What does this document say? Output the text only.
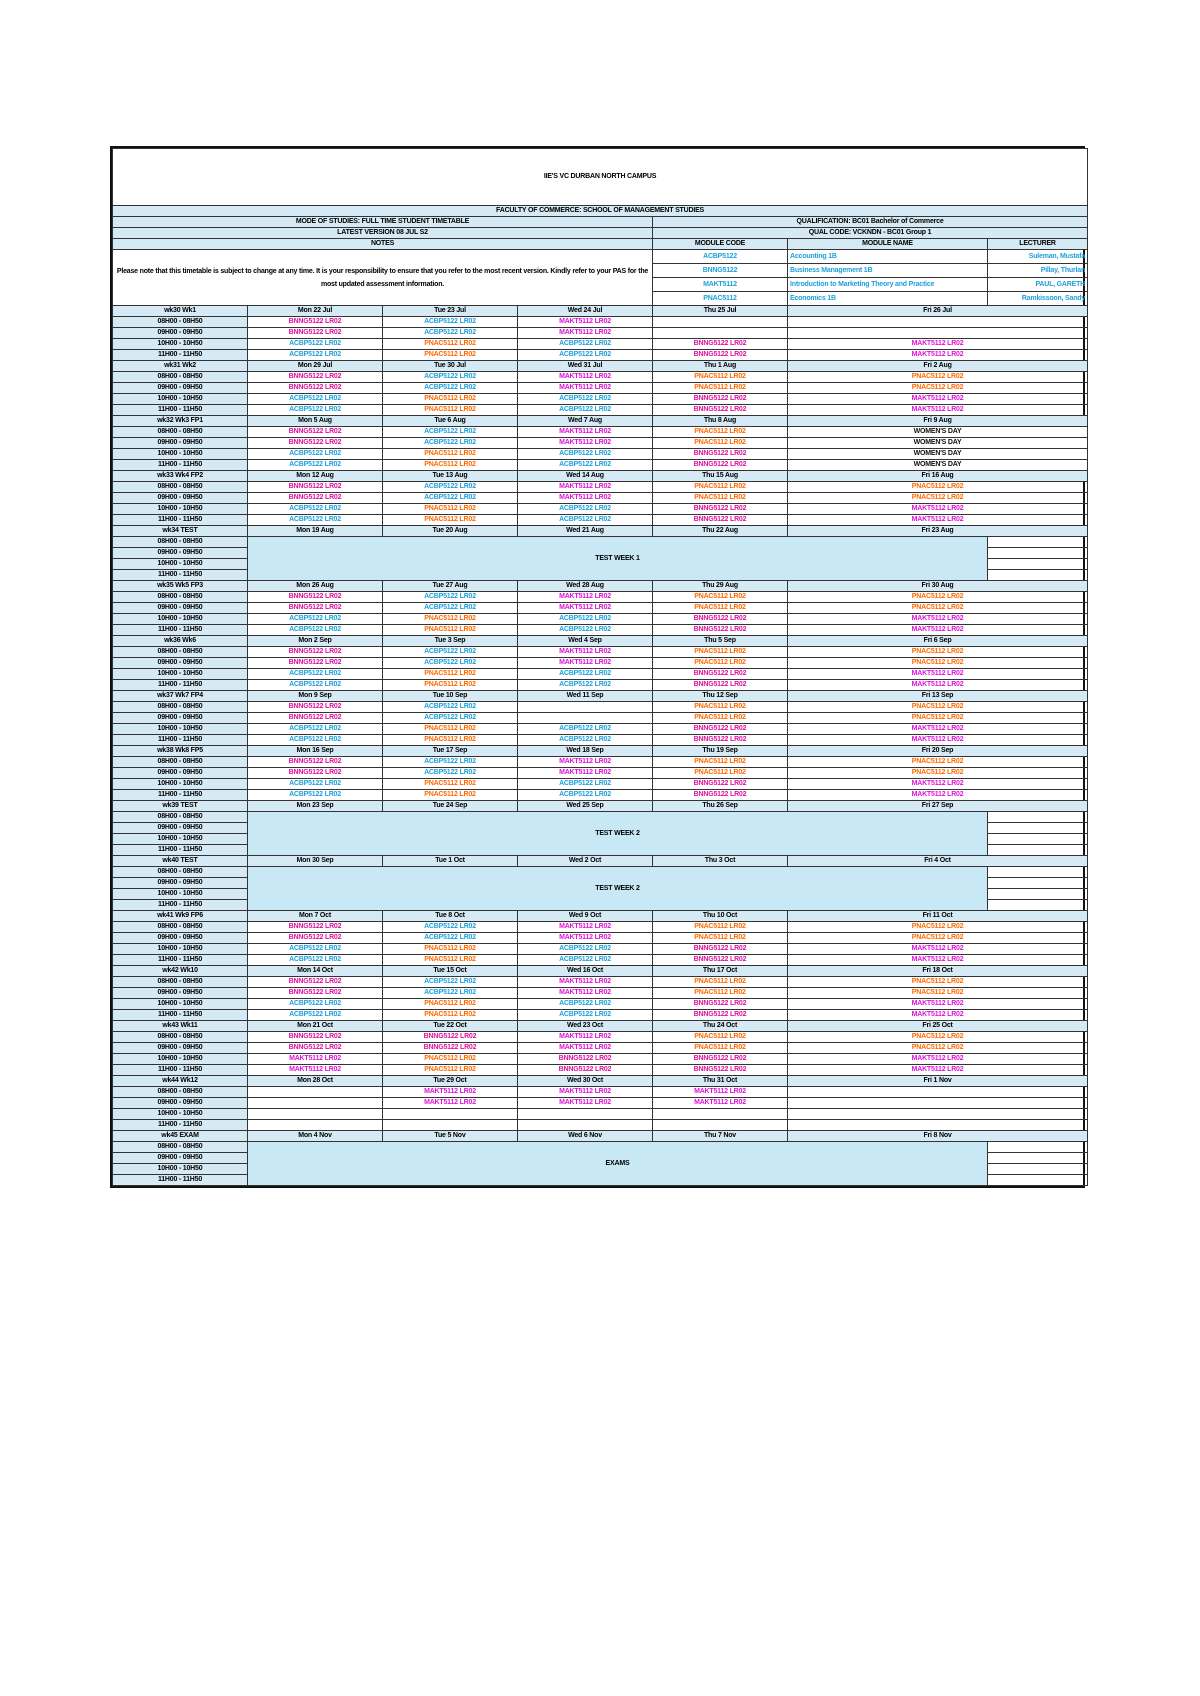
IIE'S VC DURBAN NORTH CAMPUS							
FACULTY OF COMMERCE: SCHOOL OF MANAGEMENT STUDIES							
MODE OF STUDIES: FULL TIME STUDENT TIMETABLE				QUALIFICATION: BC01 Bachelor of Commerce			
LATEST VERSION 08 JUL S2				QUAL CODE: VCKNDN - BC01 Group 1			
NOTES				MODULE CODE	MODULE NAME	LECTURER	
Please note that this timetable is subject to change at any time. It is your responsibility to ensure that you refer to the most recent version. Kindly refer to your PAS for the most updated assessment information.				ACBP5122	Accounting 1B	Suleman, Mustafa	
				BNNG5122	Business Management 1B	Pillay, Thurlan	
				MAKT5112	Introduction to Marketing Theory and Practice	PAUL, GARETH	
				PNAC5112	Economics 1B	Ramkissoon, Sandy	
wk30 Wk1	Mon 22 Jul	Tue 23 Jul	Wed 24 Jul	Thu 25 Jul	Fri 26 Jul	
08H00 - 08H50	BNNG5122 LR02	ACBP5122 LR02	MAKT5112 LR02				
09H00 - 09H50	BNNG5122 LR02	ACBP5122 LR02	MAKT5112 LR02				
10H00 - 10H50	ACBP5122 LR02	PNAC5112 LR02	ACBP5122 LR02	BNNG5122 LR02	MAKT5112 LR02		
11H00 - 11H50	ACBP5122 LR02	PNAC5112 LR02	ACBP5122 LR02	BNNG5122 LR02	MAKT5112 LR02		
wk31 Wk2	Mon 29 Jul	Tue 30 Jul	Wed 31 Jul	Thu 1 Aug	Fri 2 Aug	
08H00 - 08H50	BNNG5122 LR02	ACBP5122 LR02	MAKT5112 LR02	PNAC5112 LR02	PNAC5112 LR02		
09H00 - 09H50	BNNG5122 LR02	ACBP5122 LR02	MAKT5112 LR02	PNAC5112 LR02	PNAC5112 LR02		
10H00 - 10H50	ACBP5122 LR02	PNAC5112 LR02	ACBP5122 LR02	BNNG5122 LR02	MAKT5112 LR02		
11H00 - 11H50	ACBP5122 LR02	PNAC5112 LR02	ACBP5122 LR02	BNNG5122 LR02	MAKT5112 LR02		
wk32 Wk3 FP1	Mon 5 Aug	Tue 6 Aug	Wed 7 Aug	Thu 8 Aug	Fri 9 Aug	
08H00 - 08H50	BNNG5122 LR02	ACBP5122 LR02	MAKT5112 LR02	PNAC5112 LR02	WOMEN'S DAY		
09H00 - 09H50	BNNG5122 LR02	ACBP5122 LR02	MAKT5112 LR02	PNAC5112 LR02	WOMEN'S DAY		
10H00 - 10H50	ACBP5122 LR02	PNAC5112 LR02	ACBP5122 LR02	BNNG5122 LR02	WOMEN'S DAY		
11H00 - 11H50	ACBP5122 LR02	PNAC5112 LR02	ACBP5122 LR02	BNNG5122 LR02	WOMEN'S DAY		
wk33 Wk4 FP2	Mon 12 Aug	Tue 13 Aug	Wed 14 Aug	Thu 15 Aug	Fri 16 Aug	
08H00 - 08H50	BNNG5122 LR02	ACBP5122 LR02	MAKT5112 LR02	PNAC5112 LR02	PNAC5112 LR02		
09H00 - 09H50	BNNG5122 LR02	ACBP5122 LR02	MAKT5112 LR02	PNAC5112 LR02	PNAC5112 LR02		
10H00 - 10H50	ACBP5122 LR02	PNAC5112 LR02	ACBP5122 LR02	BNNG5122 LR02	MAKT5112 LR02		
11H00 - 11H50	ACBP5122 LR02	PNAC5112 LR02	ACBP5122 LR02	BNNG5122 LR02	MAKT5112 LR02		
wk34 TEST	Mon 19 Aug	Tue 20 Aug	Wed 21 Aug	Thu 22 Aug	Fri 23 Aug	
08H00 - 08H50	TEST WEEK 1						
09H00 - 09H50							
10H00 - 10H50							
11H00 - 11H50							
wk35 Wk5 FP3	Mon 26 Aug	Tue 27 Aug	Wed 28 Aug	Thu 29 Aug	Fri 30 Aug	
08H00 - 08H50	BNNG5122 LR02	ACBP5122 LR02	MAKT5112 LR02	PNAC5112 LR02	PNAC5112 LR02		
09H00 - 09H50	BNNG5122 LR02	ACBP5122 LR02	MAKT5112 LR02	PNAC5112 LR02	PNAC5112 LR02		
10H00 - 10H50	ACBP5122 LR02	PNAC5112 LR02	ACBP5122 LR02	BNNG5122 LR02	MAKT5112 LR02		
11H00 - 11H50	ACBP5122 LR02	PNAC5112 LR02	ACBP5122 LR02	BNNG5122 LR02	MAKT5112 LR02		
wk36 Wk6	Mon 2 Sep	Tue 3 Sep	Wed 4 Sep	Thu 5 Sep	Fri 6 Sep	
08H00 - 08H50	BNNG5122 LR02	ACBP5122 LR02	MAKT5112 LR02	PNAC5112 LR02	PNAC5112 LR02		
09H00 - 09H50	BNNG5122 LR02	ACBP5122 LR02	MAKT5112 LR02	PNAC5112 LR02	PNAC5112 LR02		
10H00 - 10H50	ACBP5122 LR02	PNAC5112 LR02	ACBP5122 LR02	BNNG5122 LR02	MAKT5112 LR02		
11H00 - 11H50	ACBP5122 LR02	PNAC5112 LR02	ACBP5122 LR02	BNNG5122 LR02	MAKT5112 LR02		
wk37 Wk7 FP4	Mon 9 Sep	Tue 10 Sep	Wed 11 Sep	Thu 12 Sep	Fri 13 Sep	
08H00 - 08H50	BNNG5122 LR02	ACBP5122 LR02		PNAC5112 LR02	PNAC5112 LR02		
09H00 - 09H50	BNNG5122 LR02	ACBP5122 LR02		PNAC5112 LR02	PNAC5112 LR02		
10H00 - 10H50	ACBP5122 LR02	PNAC5112 LR02	ACBP5122 LR02	BNNG5122 LR02	MAKT5112 LR02		
11H00 - 11H50	ACBP5122 LR02	PNAC5112 LR02	ACBP5122 LR02	BNNG5122 LR02	MAKT5112 LR02		
wk38 Wk8 FP5	Mon 16 Sep	Tue 17 Sep	Wed 18 Sep	Thu 19 Sep	Fri 20 Sep	
08H00 - 08H50	BNNG5122 LR02	ACBP5122 LR02	MAKT5112 LR02	PNAC5112 LR02	PNAC5112 LR02		
09H00 - 09H50	BNNG5122 LR02	ACBP5122 LR02	MAKT5112 LR02	PNAC5112 LR02	PNAC5112 LR02		
10H00 - 10H50	ACBP5122 LR02	PNAC5112 LR02	ACBP5122 LR02	BNNG5122 LR02	MAKT5112 LR02		
11H00 - 11H50	ACBP5122 LR02	PNAC5112 LR02	ACBP5122 LR02	BNNG5122 LR02	MAKT5112 LR02		
wk39 TEST	Mon 23 Sep	Tue 24 Sep	Wed 25 Sep	Thu 26 Sep	Fri 27 Sep	
08H00 - 08H50	TEST WEEK 2						
09H00 - 09H50							
10H00 - 10H50							
11H00 - 11H50							
wk40 TEST	Mon 30 Sep	Tue 1 Oct	Wed 2 Oct	Thu 3 Oct	Fri 4 Oct	
08H00 - 08H50	TEST WEEK 2						
09H00 - 09H50							
10H00 - 10H50							
11H00 - 11H50							
wk41 Wk9 FP6	Mon 7 Oct	Tue 8 Oct	Wed 9 Oct	Thu 10 Oct	Fri 11 Oct	
08H00 - 08H50	BNNG5122 LR02	ACBP5122 LR02	MAKT5112 LR02	PNAC5112 LR02	PNAC5112 LR02		
09H00 - 09H50	BNNG5122 LR02	ACBP5122 LR02	MAKT5112 LR02	PNAC5112 LR02	PNAC5112 LR02		
10H00 - 10H50	ACBP5122 LR02	PNAC5112 LR02	ACBP5122 LR02	BNNG5122 LR02	MAKT5112 LR02		
11H00 - 11H50	ACBP5122 LR02	PNAC5112 LR02	ACBP5122 LR02	BNNG5122 LR02	MAKT5112 LR02		
wk42 Wk10	Mon 14 Oct	Tue 15 Oct	Wed 16 Oct	Thu 17 Oct	Fri 18 Oct	
08H00 - 08H50	BNNG5122 LR02	ACBP5122 LR02	MAKT5112 LR02	PNAC5112 LR02	PNAC5112 LR02		
09H00 - 09H50	BNNG5122 LR02	ACBP5122 LR02	MAKT5112 LR02	PNAC5112 LR02	PNAC5112 LR02		
10H00 - 10H50	ACBP5122 LR02	PNAC5112 LR02	ACBP5122 LR02	BNNG5122 LR02	MAKT5112 LR02		
11H00 - 11H50	ACBP5122 LR02	PNAC5112 LR02	ACBP5122 LR02	BNNG5122 LR02	MAKT5112 LR02		
wk43 Wk11	Mon 21 Oct	Tue 22 Oct	Wed 23 Oct	Thu 24 Oct	Fri 25 Oct	
08H00 - 08H50	BNNG5122 LR02	BNNG5122 LR02	MAKT5112 LR02	PNAC5112 LR02	PNAC5112 LR02		
09H00 - 09H50	BNNG5122 LR02	BNNG5122 LR02	MAKT5112 LR02	PNAC5112 LR02	PNAC5112 LR02		
10H00 - 10H50	MAKT5112 LR02	PNAC5112 LR02	BNNG5122 LR02	BNNG5122 LR02	MAKT5112 LR02		
11H00 - 11H50	MAKT5112 LR02	PNAC5112 LR02	BNNG5122 LR02	BNNG5122 LR02	MAKT5112 LR02		
wk44 Wk12	Mon 28 Oct	Tue 29 Oct	Wed 30 Oct	Thu 31 Oct	Fri 1 Nov	
08H00 - 08H50		MAKT5112 LR02	MAKT5112 LR02	MAKT5112 LR02			
09H00 - 09H50		MAKT5112 LR02	MAKT5112 LR02	MAKT5112 LR02			
10H00 - 10H50							
11H00 - 11H50							
wk45 EXAM	Mon 4 Nov	Tue 5 Nov	Wed 6 Nov	Thu 7 Nov	Fri 8 Nov	
08H00 - 08H50	EXAMS						
09H00 - 09H50							
10H00 - 10H50							
11H00 - 11H50							
